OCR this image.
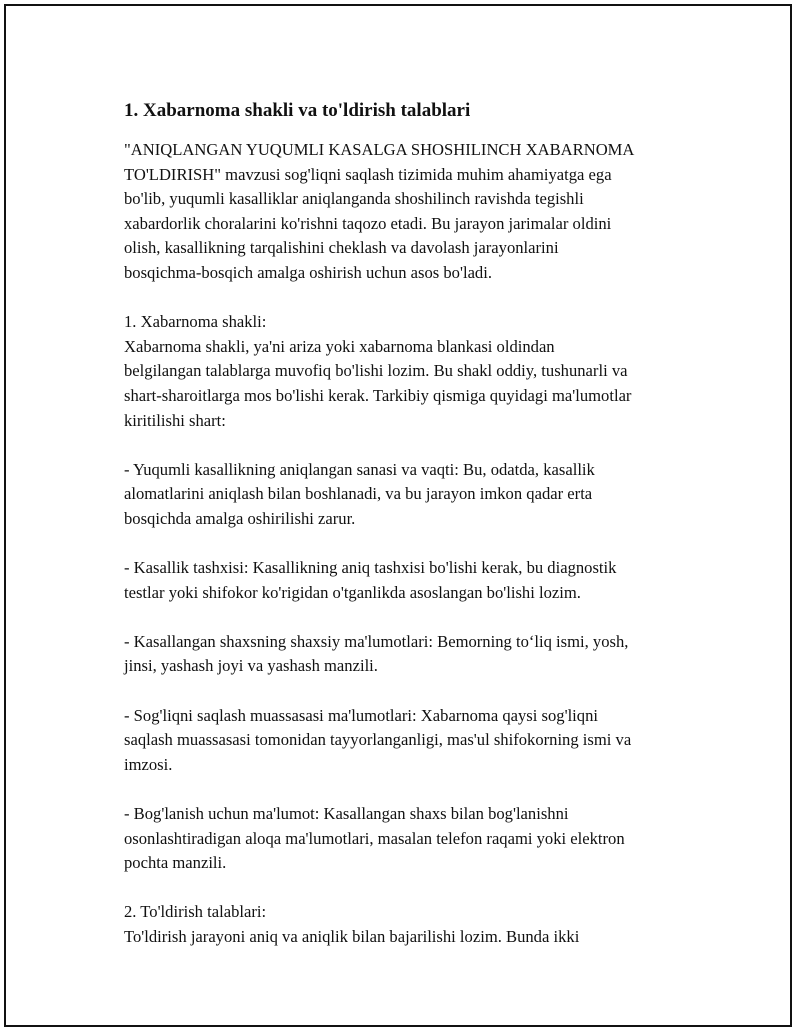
1. Xabarnoma shakli va to'ldirish talablari
"ANIQLANGAN YUQUMLI KASALGA SHOSHILINCH XABARNOMA
TO'LDIRISH" mavzusi sog'liqni saqlash tizimida muhim ahamiyatga ega
bo'lib, yuqumli kasalliklar aniqlanganda shoshilinch ravishda tegishli
xabardorlik choralarini ko'rishni taqozo etadi. Bu jarayon jarimalar oldini
olish, kasallikning tarqalishini cheklash va davolash jarayonlarini
bosqichma-bosqich amalga oshirish uchun asos bo'ladi.
1. Xabarnoma shakli:
Xabarnoma shakli, ya'ni ariza yoki xabarnoma blankasi oldindan
belgilangan talablarga muvofiq bo'lishi lozim. Bu shakl oddiy, tushunarli va
shart-sharoitlarga mos bo'lishi kerak. Tarkibiy qismiga quyidagi ma'lumotlar
kiritilishi shart:
- Yuqumli kasallikning aniqlangan sanasi va vaqti: Bu, odatda, kasallik
alomatlarini aniqlash bilan boshlanadi, va bu jarayon imkon qadar erta
bosqichda amalga oshirilishi zarur.
- Kasallik tashxisi: Kasallikning aniq tashxisi bo'lishi kerak, bu diagnostik
testlar yoki shifokor ko'rigidan o'tganlikda asoslangan bo'lishi lozim.
- Kasallangan shaxsning shaxsiy ma'lumotlari: Bemorning to‘liq ismi, yosh,
jinsi, yashash joyi va yashash manzili.
- Sog'liqni saqlash muassasasi ma'lumotlari: Xabarnoma qaysi sog'liqni
saqlash muassasasi tomonidan tayyorlanganligi, mas'ul shifokorning ismi va
imzosi.
- Bog'lanish uchun ma'lumot: Kasallangan shaxs bilan bog'lanishni
osonlashtiradigan aloqa ma'lumotlari, masalan telefon raqami yoki elektron
pochta manzili.
2. To'ldirish talablari:
To'ldirish jarayoni aniq va aniqlik bilan bajarilishi lozim. Bunda ikki
